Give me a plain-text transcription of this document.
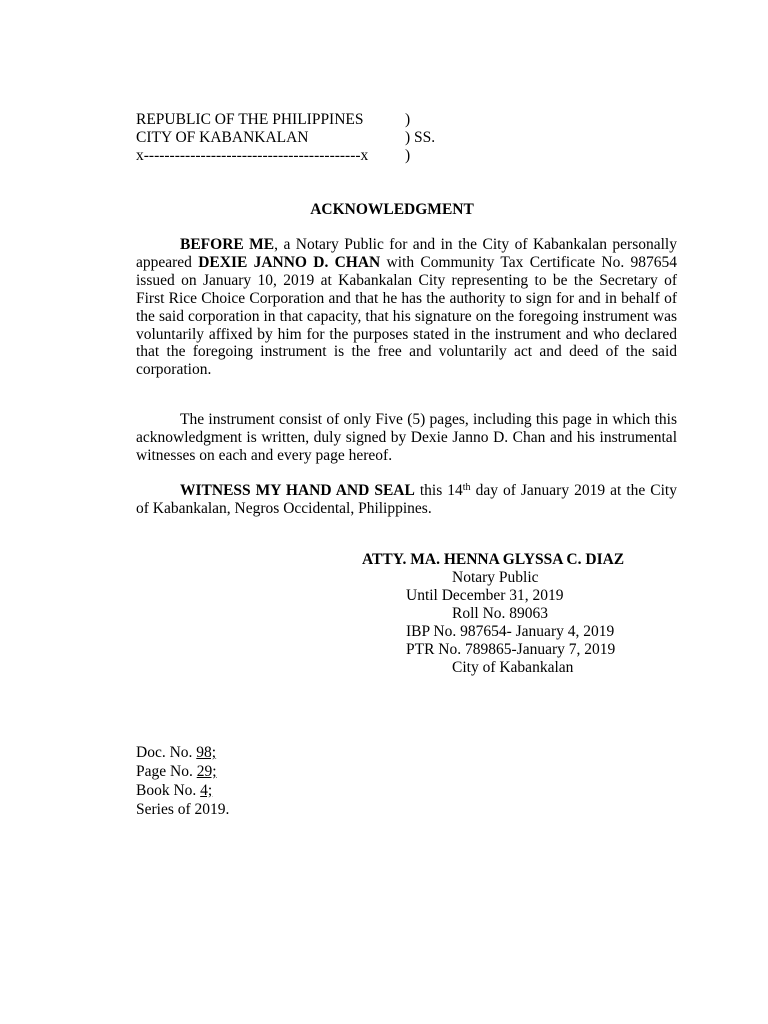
REPUBLIC OF THE PHILIPPINES	)
CITY OF KABANKALAN	) SS.
x------------------------------------------x	)
ACKNOWLEDGMENT
BEFORE ME, a Notary Public for and in the City of Kabankalan personally appeared DEXIE JANNO D. CHAN with Community Tax Certificate No. 987654 issued on January 10, 2019 at Kabankalan City representing to be the Secretary of First Rice Choice Corporation and that he has the authority to sign for and in behalf of the said corporation in that capacity, that his signature on the foregoing instrument was voluntarily affixed by him for the purposes stated in the instrument and who declared that the foregoing instrument is the free and voluntarily act and deed of the said corporation.
The instrument consist of only Five (5) pages, including this page in which this acknowledgment is written, duly signed by Dexie Janno D. Chan and his instrumental witnesses on each and every page hereof.
WITNESS MY HAND AND SEAL this 14th day of January 2019 at the City of Kabankalan, Negros Occidental, Philippines.
ATTY. MA. HENNA GLYSSA C. DIAZ
Notary Public
Until December 31, 2019
Roll No. 89063
IBP No. 987654- January 4, 2019
PTR No. 789865-January 7, 2019
City of Kabankalan
Doc. No. 98;
Page No. 29;
Book No. 4;
Series of 2019.
